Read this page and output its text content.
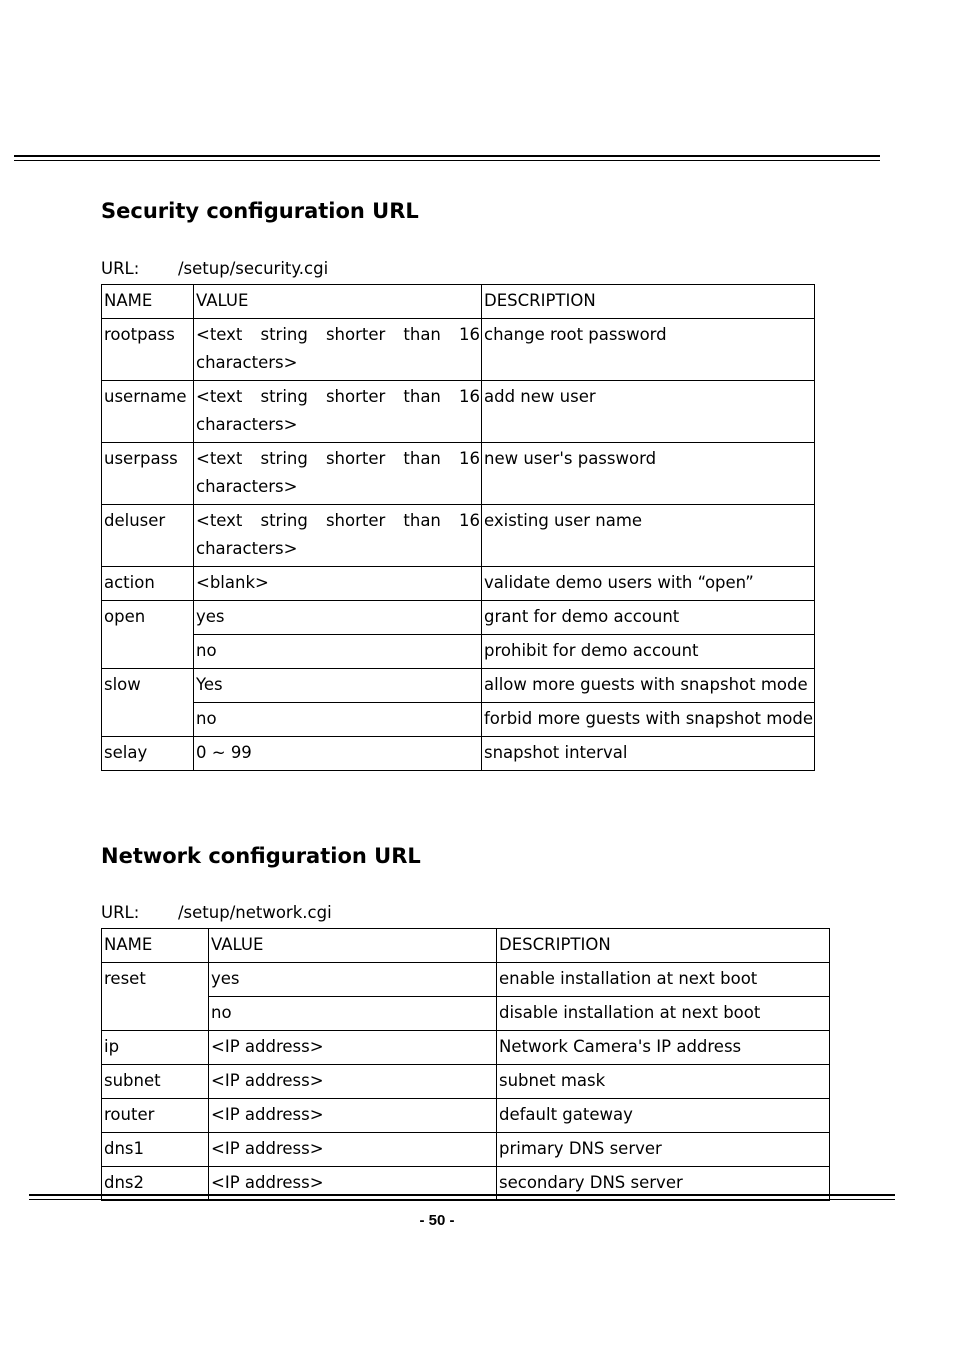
Security configuration URL
URL: /setup/security.cgi
NAME	VALUE	DESCRIPTION
rootpass	<text string shorter than 16 characters>	change root password
username	<text string shorter than 16 characters>	add new user
userpass	<text string shorter than 16 characters>	new user's password
deluser	<text string shorter than 16 characters>	existing user name
action	<blank>	validate demo users with “open”
open	yes	grant for demo account
	no	prohibit for demo account
slow	Yes	allow more guests with snapshot mode
	no	forbid more guests with snapshot mode
selay	0 ~ 99	snapshot interval
Network configuration URL
URL: /setup/network.cgi
NAME	VALUE	DESCRIPTION
reset	yes	enable installation at next boot
	no	disable installation at next boot
ip	<IP address>	Network Camera's IP address
subnet	<IP address>	subnet mask
router	<IP address>	default gateway
dns1	<IP address>	primary DNS server
dns2	<IP address>	secondary DNS server
- 50 -
